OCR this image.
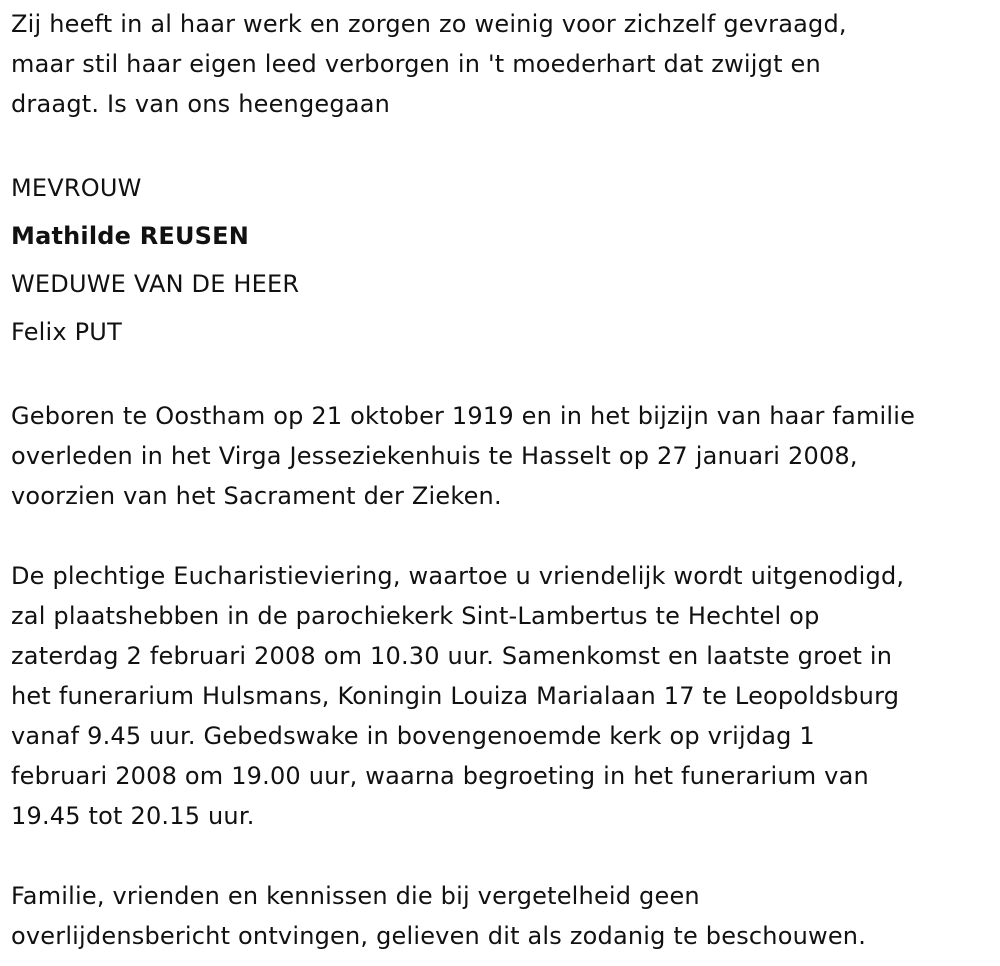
Zij heeft in al haar werk en zorgen zo weinig voor zichzelf gevraagd,

maar stil haar eigen leed verborgen in 't moederhart dat zwijgt en

draagt. Is van ons heengegaan

MEVROUW

Mathilde REUSEN

WEDUWE VAN DE HEER

Felix PUT

Geboren te Oostham op 21 oktober 1919 en in het bijzijn van haar familie

overleden in het Virga Jesseziekenhuis te Hasselt op 27 januari 2008,

voorzien van het Sacrament der Zieken.

De plechtige Eucharistieviering, waartoe u vriendelijk wordt uitgenodigd,

zal plaatshebben in de parochiekerk Sint-Lambertus te Hechtel op

zaterdag 2 februari 2008 om 10.30 uur. Samenkomst en laatste groet in

het funerarium Hulsmans, Koningin Louiza Marialaan 17 te Leopoldsburg

vanaf 9.45 uur. Gebedswake in bovengenoemde kerk op vrijdag 1

februari 2008 om 19.00 uur, waarna begroeting in het funerarium van

19.45 tot 20.15 uur.

Familie, vrienden en kennissen die bij vergetelheid geen

overlijdensbericht ontvingen, gelieven dit als zodanig te beschouwen.
